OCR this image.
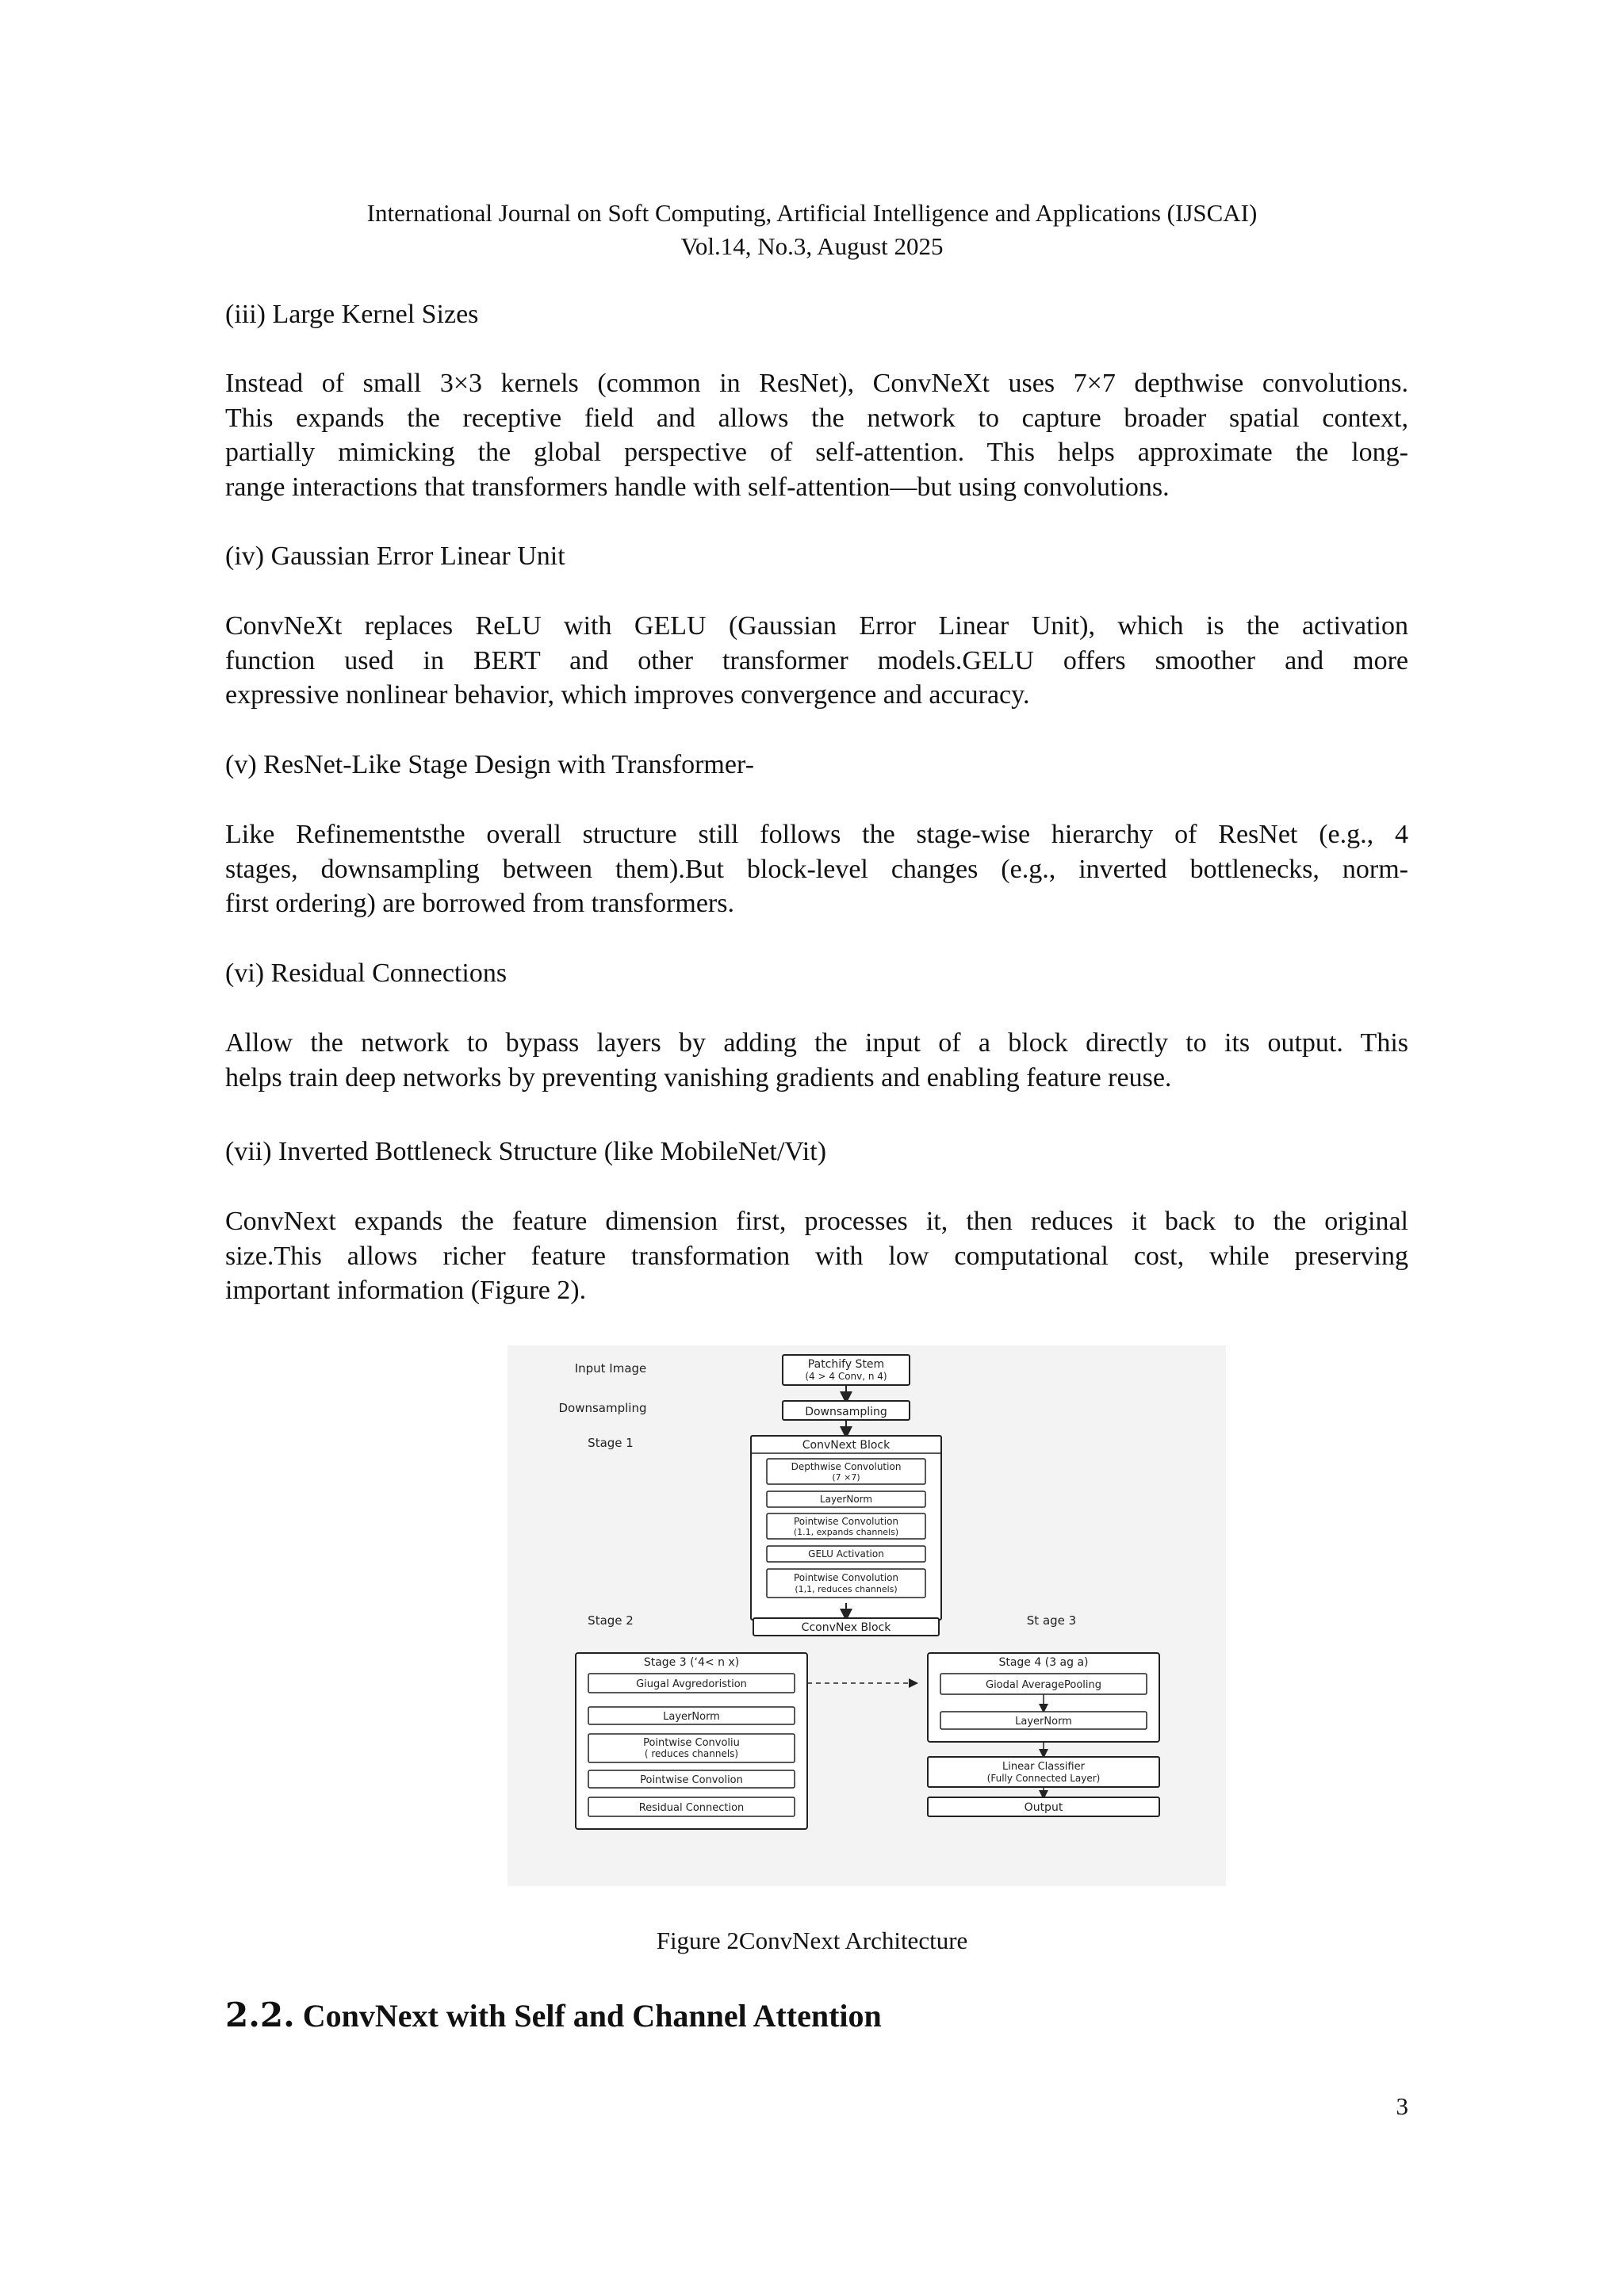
International Journal on Soft Computing, Artificial Intelligence and Applications (IJSCAI)
Vol.14, No.3, August 2025
(iii) Large Kernel Sizes
Instead of small 3×3 kernels (common in ResNet), ConvNeXt uses 7×7 depthwise convolutions.
This expands the receptive field and allows the network to capture broader spatial context,
partially mimicking the global perspective of self-attention. This helps approximate the long-
range interactions that transformers handle with self-attention—but using convolutions.
(iv) Gaussian Error Linear Unit
ConvNeXt replaces ReLU with GELU (Gaussian Error Linear Unit), which is the activation
function used in BERT and other transformer models.GELU offers smoother and more
expressive nonlinear behavior, which improves convergence and accuracy.
(v) ResNet-Like Stage Design with Transformer-
Like Refinementsthe overall structure still follows the stage-wise hierarchy of ResNet (e.g., 4
stages, downsampling between them).But block-level changes (e.g., inverted bottlenecks, norm-
first ordering) are borrowed from transformers.
(vi) Residual Connections
Allow the network to bypass layers by adding the input of a block directly to its output. This
helps train deep networks by preventing vanishing gradients and enabling feature reuse.
(vii) Inverted Bottleneck Structure (like MobileNet/Vit)
ConvNext expands the feature dimension first, processes it, then reduces it back to the original
size.This allows richer feature transformation with low computational cost, while preserving
important information (Figure 2).
Input Image
Downsampling
Stage 1
Stage 2	St age 3
Patchify Stem
(4 > 4 Conv, n 4)
Downsampling
ConvNext Block
Depthwise Convolution
(7 ×7)
LayerNorm
Pointwise Convolution
(1.1, expands channels)
GELU Activation
Pointwise Convolution
(1,1, reduces channels)
CconvNex Block
Stage 3 (‘4< n x)
Giugal Avgredoristion
LayerNorm
Pointwise Convoliu
( reduces channels)
Pointwise Convolion
Residual Connection
Stage 4 (3 ag a)
Giodal AveragePooling
LayerNorm
Linear Classifier
(Fully Connected Layer)
Output
Figure 2ConvNext Architecture
2.2. ConvNext with Self and Channel Attention
3
